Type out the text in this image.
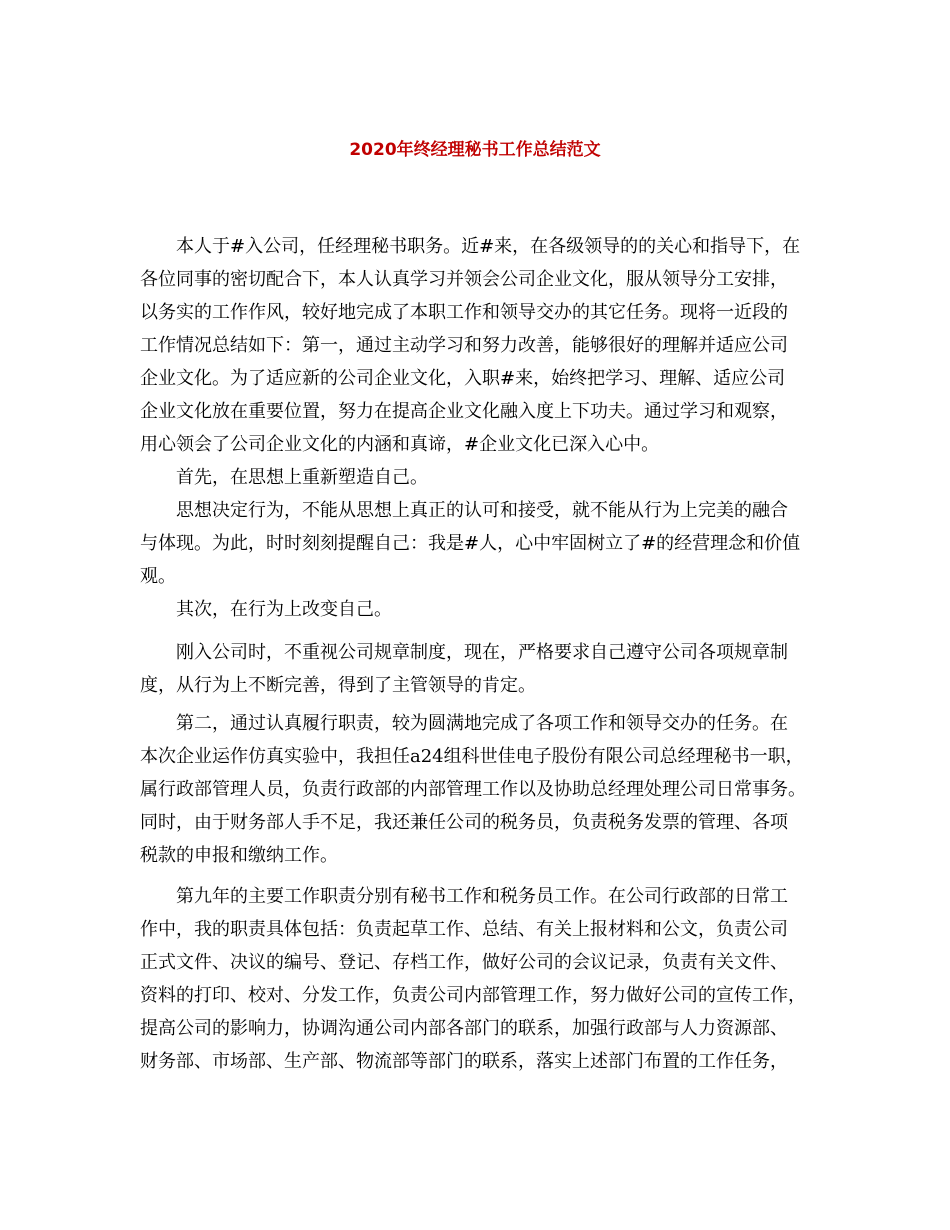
2020年终经理秘书工作总结范文

本人于#入公司，任经理秘书职务。近#来，在各级领导的的关心和指导下，在

各位同事的密切配合下，本人认真学习并领会公司企业文化，服从领导分工安排，

以务实的工作作风，较好地完成了本职工作和领导交办的其它任务。现将一近段的

工作情况总结如下：第一，通过主动学习和努力改善，能够很好的理解并适应公司

企业文化。为了适应新的公司企业文化，入职#来，始终把学习、理解、适应公司

企业文化放在重要位置，努力在提高企业文化融入度上下功夫。通过学习和观察，

用心领会了公司企业文化的内涵和真谛，#企业文化已深入心中。

首先，在思想上重新塑造自己。

思想决定行为，不能从思想上真正的认可和接受，就不能从行为上完美的融合

与体现。为此，时时刻刻提醒自己：我是#人，心中牢固树立了#的经营理念和价值

观。

其次，在行为上改变自己。

刚入公司时，不重视公司规章制度，现在，严格要求自己遵守公司各项规章制

度，从行为上不断完善，得到了主管领导的肯定。

第二，通过认真履行职责，较为圆满地完成了各项工作和领导交办的任务。在

本次企业运作仿真实验中，我担任a24组科世佳电子股份有限公司总经理秘书一职，

属行政部管理人员，负责行政部的内部管理工作以及协助总经理处理公司日常事务。

同时，由于财务部人手不足，我还兼任公司的税务员，负责税务发票的管理、各项

税款的申报和缴纳工作。

第九年的主要工作职责分别有秘书工作和税务员工作。在公司行政部的日常工

作中，我的职责具体包括：负责起草工作、总结、有关上报材料和公文，负责公司

正式文件、决议的编号、登记、存档工作，做好公司的会议记录，负责有关文件、

资料的打印、校对、分发工作，负责公司内部管理工作，努力做好公司的宣传工作，

提高公司的影响力，协调沟通公司内部各部门的联系，加强行政部与人力资源部、

财务部、市场部、生产部、物流部等部门的联系，落实上述部门布置的工作任务，
